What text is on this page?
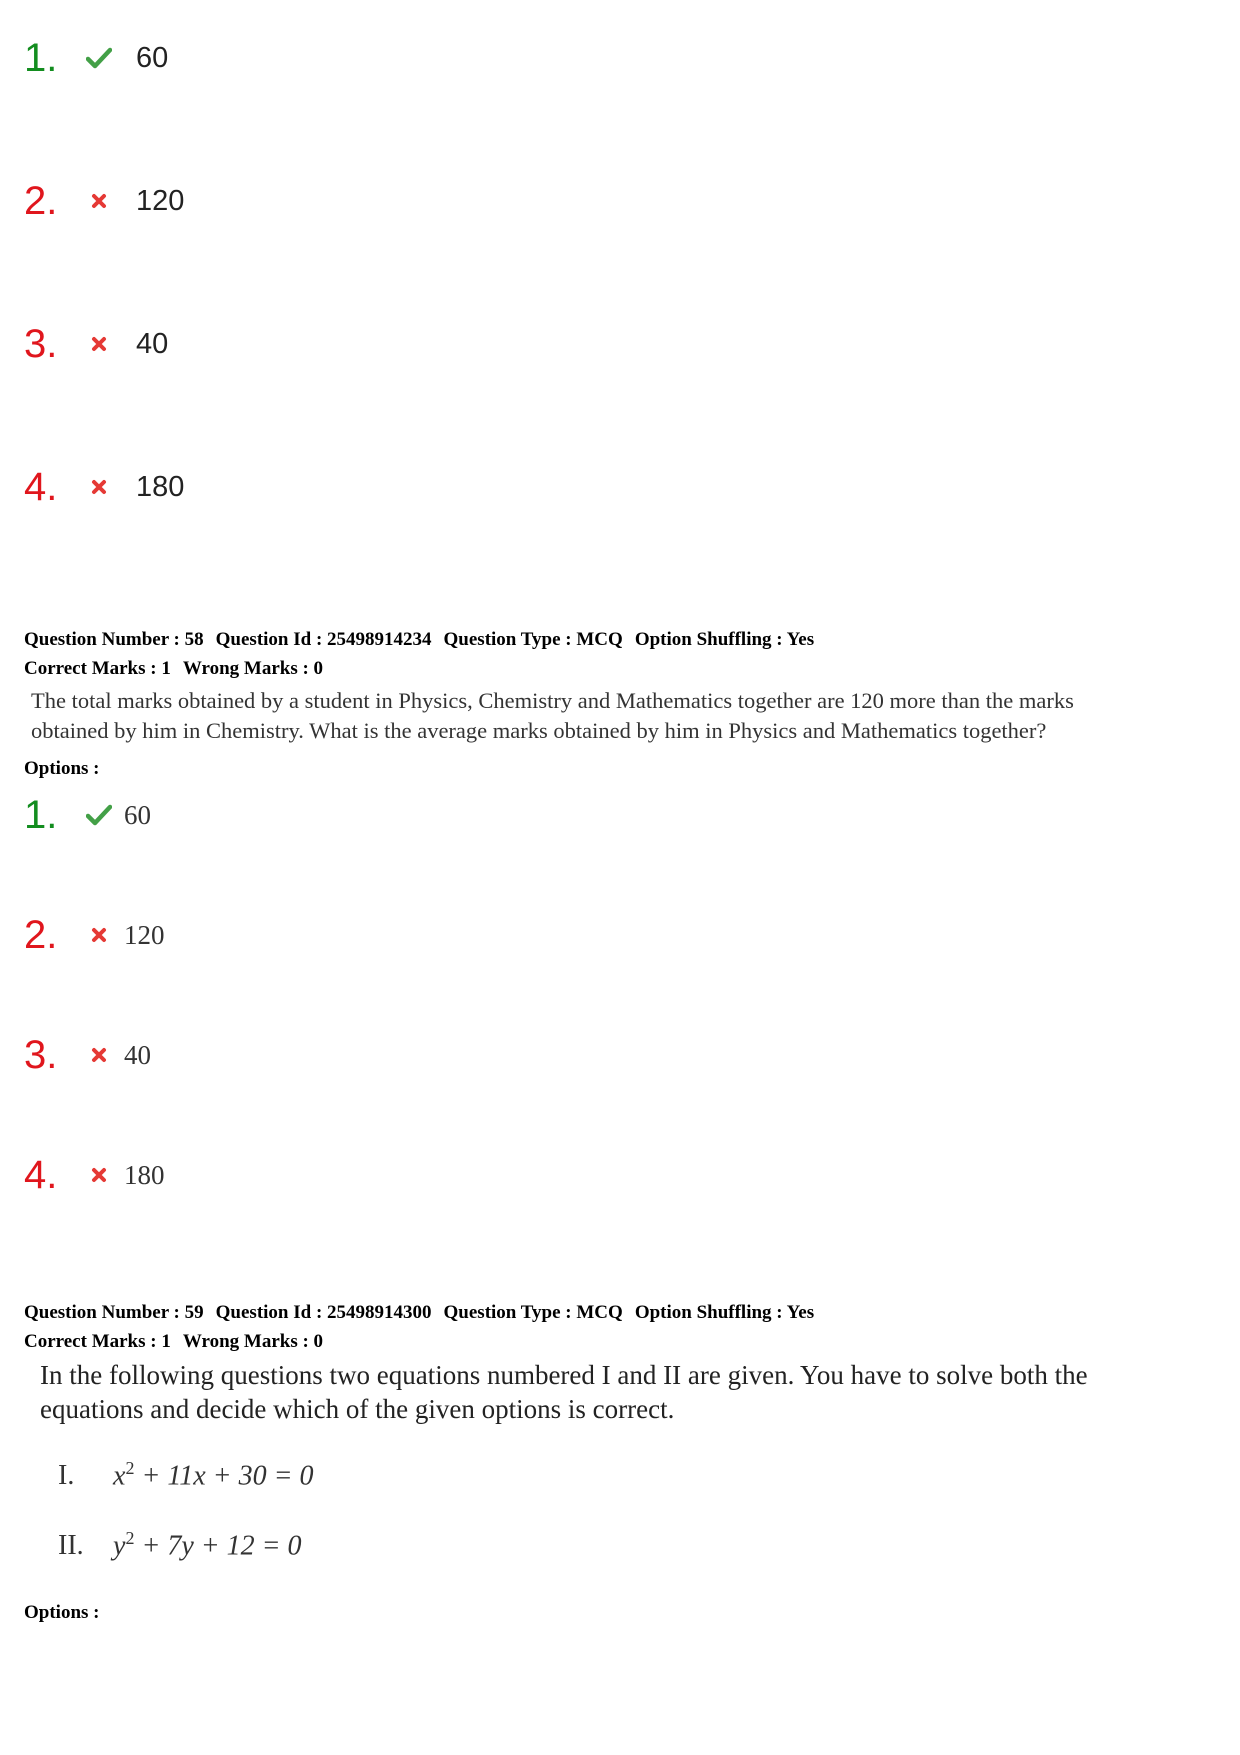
1.	60
2.	120
3.	40
4.	180
Question Number : 58 Question Id : 25498914234 Question Type : MCQ Option Shuffling : Yes
Correct Marks : 1 Wrong Marks : 0
The total marks obtained by a student in Physics, Chemistry and Mathematics together are 120 more than the marks
obtained by him in Chemistry. What is the average marks obtained by him in Physics and Mathematics together?
Options :
1.	60
2.	120
3.	40
4.	180
Question Number : 59 Question Id : 25498914300 Question Type : MCQ Option Shuffling : Yes
Correct Marks : 1 Wrong Marks : 0
In the following questions two equations numbered I and II are given. You have to solve both the
equations and decide which of the given options is correct.
I.	$x^2 + 11x + 30 = 0$
II.	$y^2 + 7y + 12 = 0$
Options :
